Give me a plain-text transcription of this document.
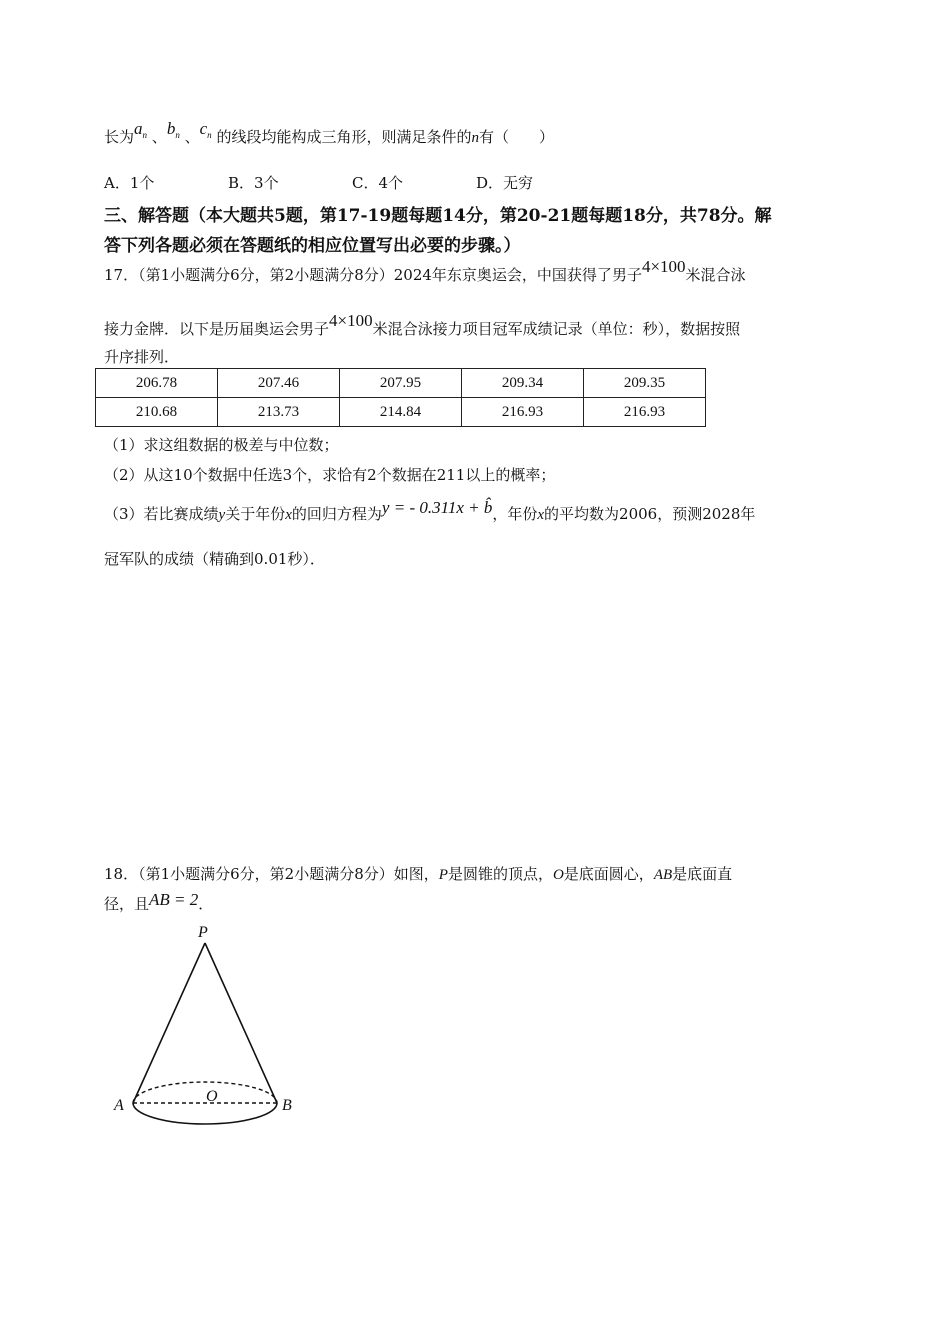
长为$a_n$ 、$b_n$ 、$c_n$ 的线段均能构成三角形，则满足条件的n有（　　）
A．1个	B．3个	C．4个	D．无穷
三、解答题（本大题共5题，第17-19题每题14分，第20-21题每题18分，共78分。解
答下列各题必须在答题纸的相应位置写出必要的步骤。）
17．（第1小题满分6分，第2小题满分8分）2024年东京奥运会，中国获得了男子4×100米混合泳
接力金牌．以下是历届奥运会男子4×100米混合泳接力项目冠军成绩记录（单位：秒），数据按照
升序排列．
206.78	207.46	207.95	209.34	209.35
210.68	213.73	214.84	216.93	216.93
（1）求这组数据的极差与中位数；
（2）从这10个数据中任选3个，求恰有2个数据在211以上的概率；
（3）若比赛成绩y关于年份x的回归方程为y = - 0.311x + b̂，年份x的平均数为2006，预测2028年
冠军队的成绩（精确到0.01秒）．
18．（第1小题满分6分，第2小题满分8分）如图，P是圆锥的顶点，O是底面圆心，AB是底面直
径，且AB = 2．
P
A	B
O
